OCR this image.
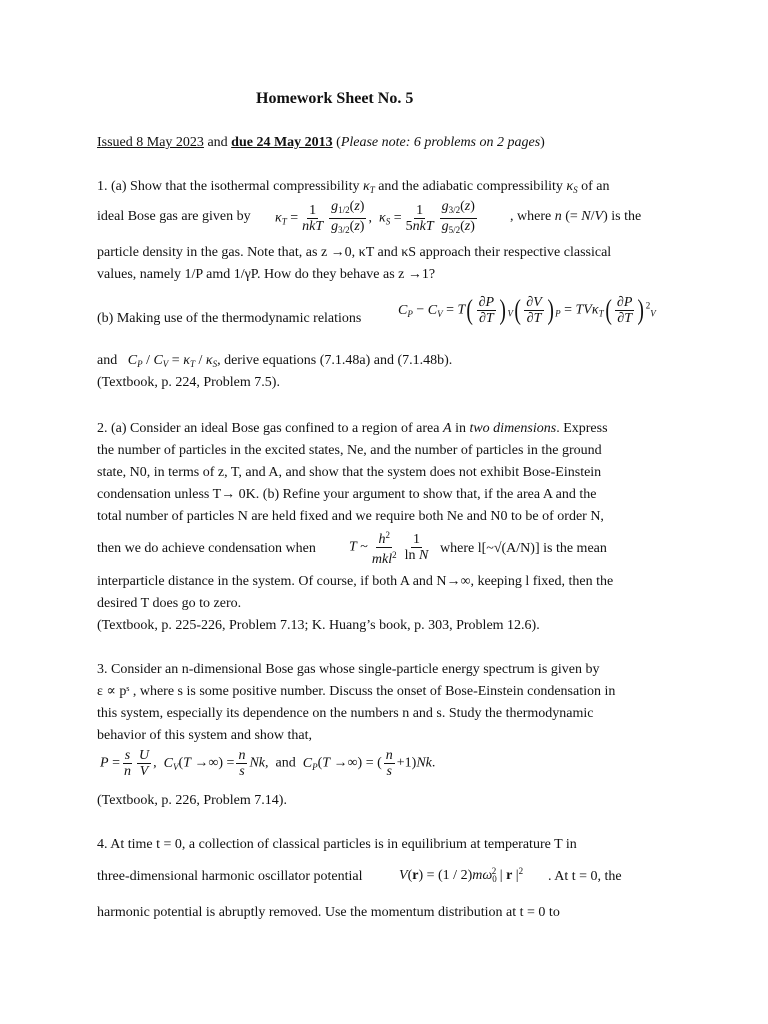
Homework Sheet No. 5
Issued 8 May 2023 and due 24 May 2013 (Please note: 6 problems on 2 pages)
1. (a) Show that the isothermal compressibility $\kappa_T$ and the adiabatic compressibility $\kappa_S$ of an
ideal Bose gas are given by $\kappa_T = \frac{1}{\text{nkT}} \frac{g_{1/2}(z)}{g_{3/2}(z)}$ ,  $\kappa_S = \frac{1}{\text{5nkT}} \frac{g_{3/2}(z)}{g_{5/2}(z)}$ , where n (= N/V) is the
particle density in the gas. Note that, as z →0, κT and κS approach their respective classical
values, namely 1/P amd 1/γP. How do they behave as z →1?
(b) Making use of the thermodynamic relations
$C_P - C_V = T( \frac{\partial P}{\partial T} )_V( \frac{\partial V}{\partial T} )_P = TV\kappa_T( \frac{\partial P}{\partial T} )^2_V$
and $C_P / C_V = \kappa_T / \kappa_S$, derive equations (7.1.48a) and (7.1.48b).
(Textbook, p. 224, Problem 7.5).
2. (a) Consider an ideal Bose gas confined to a region of area A in two dimensions. Express
the number of particles in the excited states, Ne, and the number of particles in the ground
state, N0, in terms of z, T, and A, and show that the system does not exhibit Bose-Einstein
condensation unless T→ 0K. (b) Refine your argument to show that, if the area A and the
total number of particles N are held fixed and we require both Ne and N0 to be of order N,
then we do achieve condensation when T ~ $\frac{h^2}{mkl^2} \frac{1}{\text{ln N}}$ where l[~√(A/N)] is the mean
interparticle distance in the system. Of course, if both A and N→∞, keeping l fixed, then the
desired T does go to zero.
(Textbook, p. 225-226, Problem 7.13; K. Huang’s book, p. 303, Problem 12.6).
3. Consider an n-dimensional Bose gas whose single-particle energy spectrum is given by
ε ∝ pˢ , where s is some positive number. Discuss the onset of Bose-Einstein condensation in
this system, especially its dependence on the numbers n and s. Study the thermodynamic
behavior of this system and show that,
$P = \frac{s}{n} \frac{U}{V}$ ,  $C_V(T$ →∞) = $\frac{n}{s} Nk$,  and  $C_P(T$ →∞) = ( $\frac{n}{s} +1)Nk$.
(Textbook, p. 226, Problem 7.14).
4. At time t = 0, a collection of classical particles is in equilibrium at temperature T in
three-dimensional harmonic oscillator potential	$V(r) = (1 / 2)m\omega_0^2$ | r $|^2$ . At t = 0, the
harmonic potential is abruptly removed. Use the momentum distribution at t = 0 to
